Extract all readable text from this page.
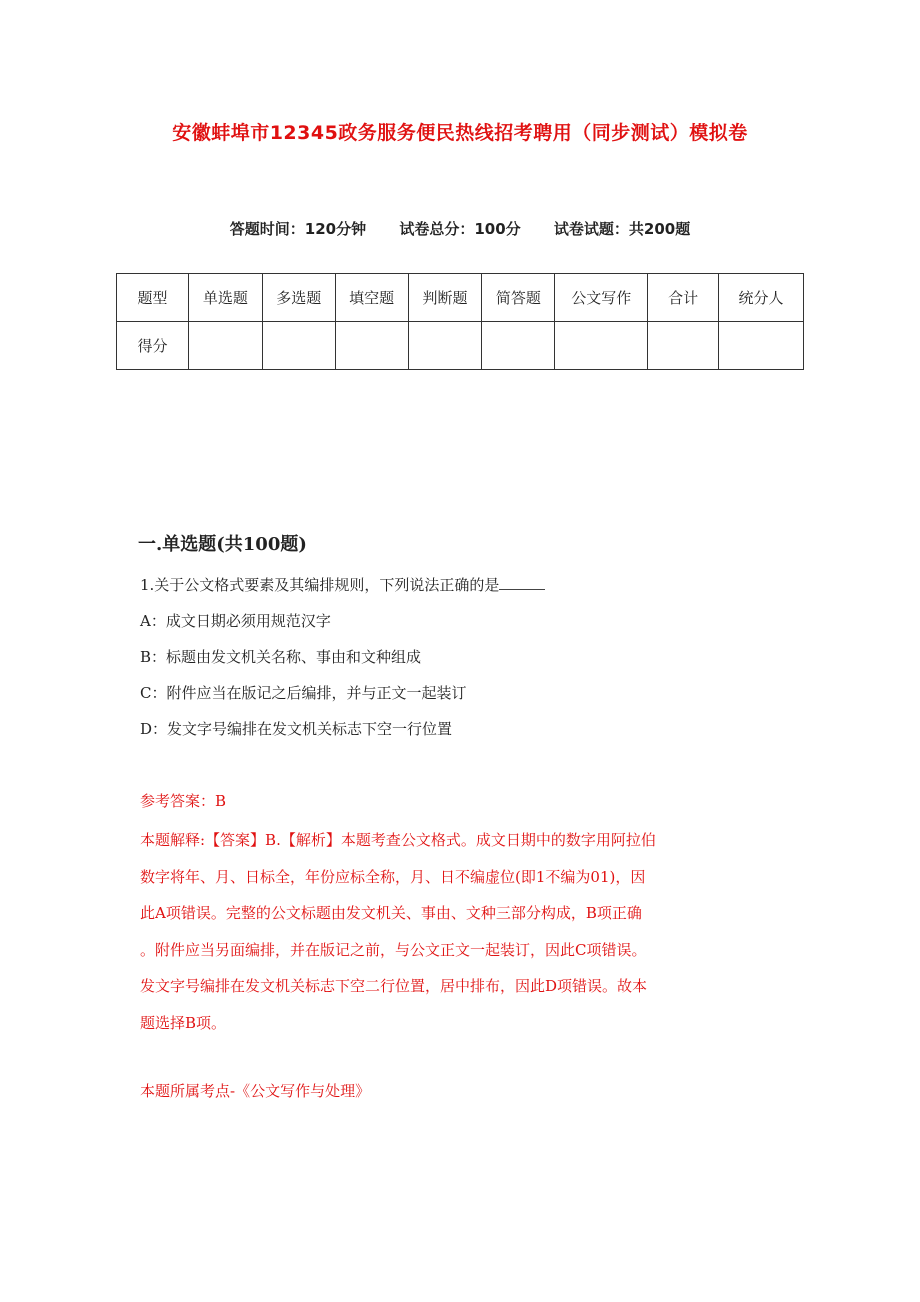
安徽蚌埠市12345政务服务便民热线招考聘用（同步测试）模拟卷
答题时间：120分钟 试卷总分：100分 试卷试题：共200题
题型	单选题	多选题	填空题	判断题	简答题	公文写作	合计	统分人
得分								
一.单选题(共100题)
1.关于公文格式要素及其编排规则，下列说法正确的是
A：成文日期必须用规范汉字
B：标题由发文机关名称、事由和文种组成
C：附件应当在版记之后编排，并与正文一起装订
D：发文字号编排在发文机关标志下空一行位置
参考答案：B
本题解释:【答案】B.【解析】本题考查公文格式。成文日期中的数字用阿拉伯
数字将年、月、日标全，年份应标全称，月、日不编虚位(即1不编为01)，因
此A项错误。完整的公文标题由发文机关、事由、文种三部分构成，B项正确
。附件应当另面编排，并在版记之前，与公文正文一起装订，因此C项错误。
发文字号编排在发文机关标志下空二行位置，居中排布，因此D项错误。故本
题选择B项。
本题所属考点-《公文写作与处理》
